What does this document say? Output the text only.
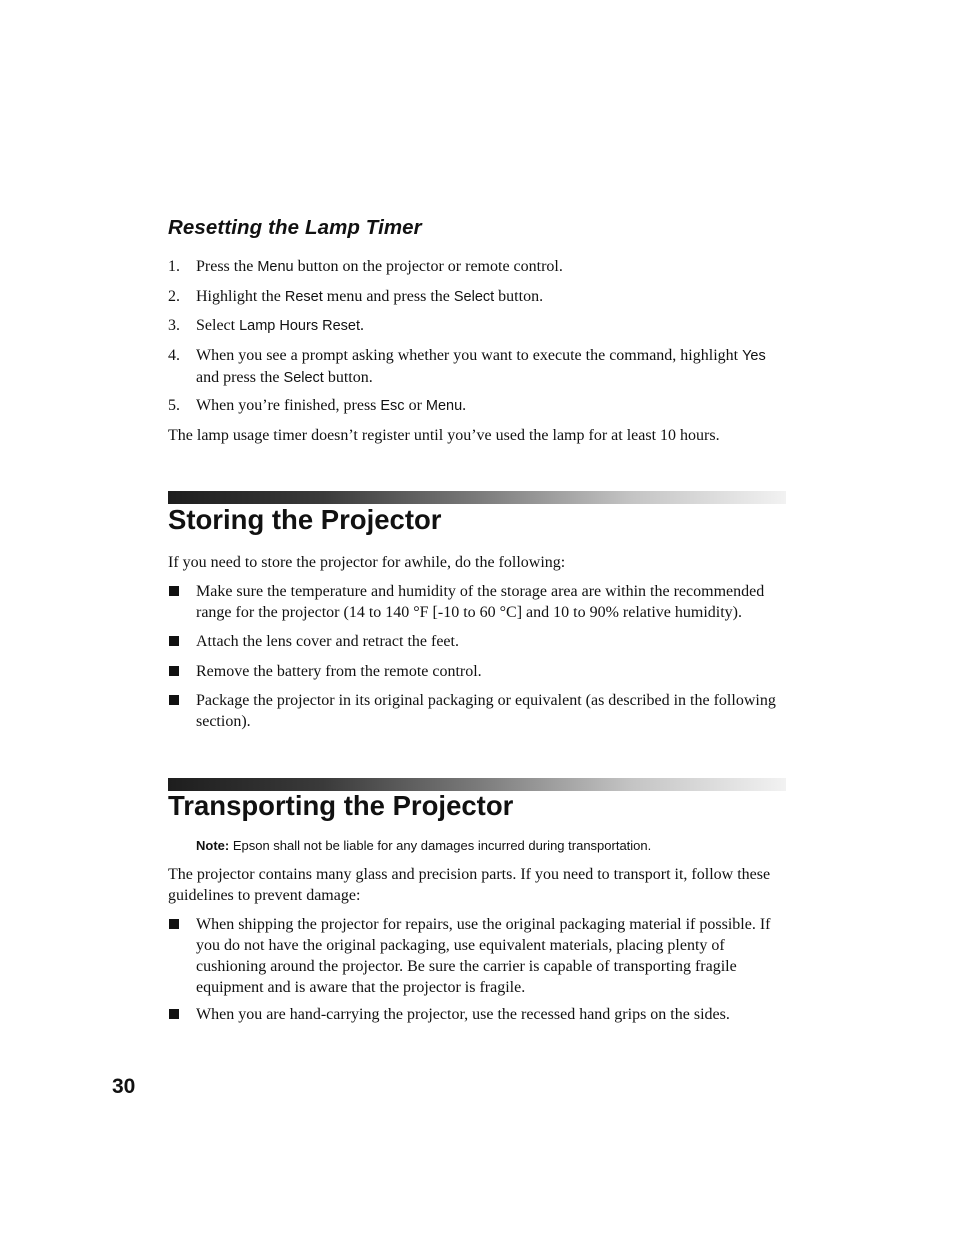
Resetting the Lamp Timer
1. Press the Menu button on the projector or remote control.
2. Highlight the Reset menu and press the Select button.
3. Select Lamp Hours Reset.
4. When you see a prompt asking whether you want to execute the command, highlight Yes and press the Select button.
5. When you’re finished, press Esc or Menu.

The lamp usage timer doesn’t register until you’ve used the lamp for at least 10 hours.

Storing the Projector

If you need to store the projector for awhile, do the following:

Make sure the temperature and humidity of the storage area are within the recommended range for the projector (14 to 140 °F [-10 to 60 °C] and 10 to 90% relative humidity).
Attach the lens cover and retract the feet.
Remove the battery from the remote control.
Package the projector in its original packaging or equivalent (as described in the following section).
Transporting the Projector
Note: Epson shall not be liable for any damages incurred during transportation.

The projector contains many glass and precision parts. If you need to transport it, follow these guidelines to prevent damage:

When shipping the projector for repairs, use the original packaging material if possible. If you do not have the original packaging, use equivalent materials, placing plenty of cushioning around the projector. Be sure the carrier is capable of transporting fragile equipment and is aware that the projector is fragile.
When you are hand-carrying the projector, use the recessed hand grips on the sides.
30
